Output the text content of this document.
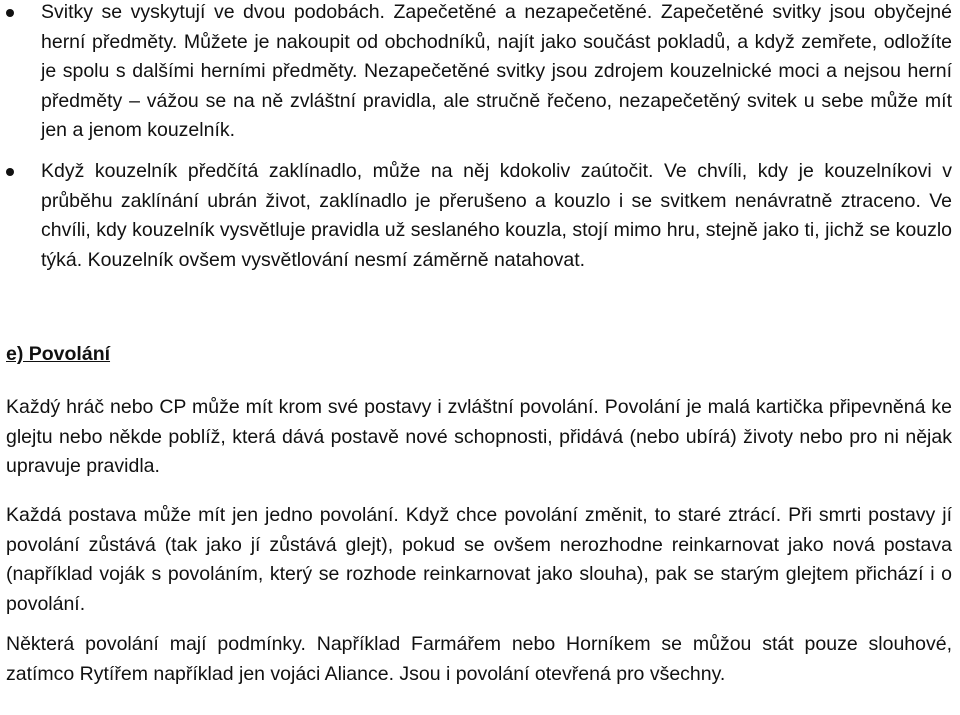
Svitky se vyskytují ve dvou podobách. Zapečetěné a nezapečetěné. Zapečetěné svitky jsou obyčejné herní předměty. Můžete je nakoupit od obchodníků, najít jako součást pokladů, a když zemřete, odložíte je spolu s dalšími herními předměty. Nezapečetěné svitky jsou zdrojem kouzelnické moci a nejsou herní předměty – vážou se na ně zvláštní pravidla, ale stručně řečeno, nezapečetěný svitek u sebe může mít jen a jenom kouzelník.

Když kouzelník předčítá zaklínadlo, může na něj kdokoliv zaútočit. Ve chvíli, kdy je kouzelníkovi v průběhu zaklínání ubrán život, zaklínadlo je přerušeno a kouzlo i se svitkem nenávratně ztraceno. Ve chvíli, kdy kouzelník vysvětluje pravidla už seslaného kouzla, stojí mimo hru, stejně jako ti, jichž se kouzlo týká. Kouzelník ovšem vysvětlování nesmí záměrně natahovat.

e) Povolání

Každý hráč nebo CP může mít krom své postavy i zvláštní povolání. Povolání je malá kartička připevněná ke glejtu nebo někde poblíž, která dává postavě nové schopnosti, přidává (nebo ubírá) životy nebo pro ni nějak upravuje pravidla.

Každá postava může mít jen jedno povolání. Když chce povolání změnit, to staré ztrácí. Při smrti postavy jí povolání zůstává (tak jako jí zůstává glejt), pokud se ovšem nerozhodne reinkarnovat jako nová postava (například voják s povoláním, který se rozhode reinkarnovat jako slouha), pak se starým glejtem přichází i o povolání.

Některá povolání mají podmínky. Například Farmářem nebo Horníkem se můžou stát pouze slouhové, zatímco Rytířem například jen vojáci Aliance. Jsou i povolání otevřená pro všechny.
